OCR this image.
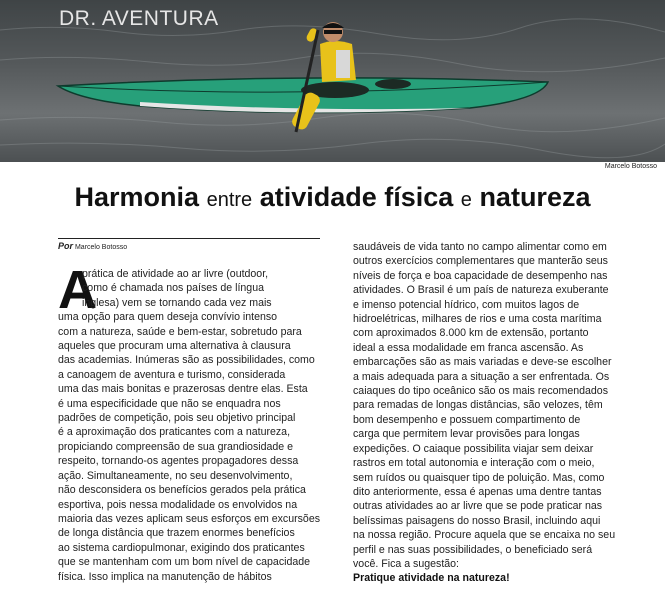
DR. AVENTURA
Marcelo Botosso
Harmonia entre atividade física e natureza
Por Marcelo Botosso
A

prática de atividade ao ar livre (outdoor,

como é chamada nos países de língua

inglesa) vem se tornando cada vez mais

uma opção para quem deseja convívio intenso

com a natureza, saúde e bem-estar, sobretudo para

aqueles que procuram uma alternativa à clausura

das academias. Inúmeras são as possibilidades, como

a canoagem de aventura e turismo, considerada

uma das mais bonitas e prazerosas dentre elas. Esta

é uma especificidade que não se enquadra nos

padrões de competição, pois seu objetivo principal

é a aproximação dos praticantes com a natureza,

propiciando compreensão de sua grandiosidade e

respeito, tornando-os agentes propagadores dessa

ação. Simultaneamente, no seu desenvolvimento,

não desconsidera os benefícios gerados pela prática

esportiva, pois nessa modalidade os envolvidos na

maioria das vezes aplicam seus esforços em excursões

de longa distância que trazem enormes benefícios

ao sistema cardiopulmonar, exigindo dos praticantes

que se mantenham com um bom nível de capacidade

física. Isso implica na manutenção de hábitos

saudáveis de vida tanto no campo alimentar como em

outros exercícios complementares que manterão seus

níveis de força e boa capacidade de desempenho nas

atividades. O Brasil é um país de natureza exuberante

e imenso potencial hídrico, com muitos lagos de

hidroelétricas, milhares de rios e uma costa marítima

com aproximados 8.000 km de extensão, portanto

ideal a essa modalidade em franca ascensão. As

embarcações são as mais variadas e deve-se escolher

a mais adequada para a situação a ser enfrentada. Os

caiaques do tipo oceânico são os mais recomendados

para remadas de longas distâncias, são velozes, têm

bom desempenho e possuem compartimento de

carga que permitem levar provisões para longas

expedições. O caiaque possibilita viajar sem deixar

rastros em total autonomia e interação com o meio,

sem ruídos ou quaisquer tipo de poluição. Mas, como

dito anteriormente, essa é apenas uma dentre tantas

outras atividades ao ar livre que se pode praticar nas

belíssimas paisagens do nosso Brasil, incluindo aqui

na nossa região. Procure aquela que se encaixa no seu

perfil e nas suas possibilidades, o beneficiado será

você. Fica a sugestão:

Pratique atividade na natureza!
